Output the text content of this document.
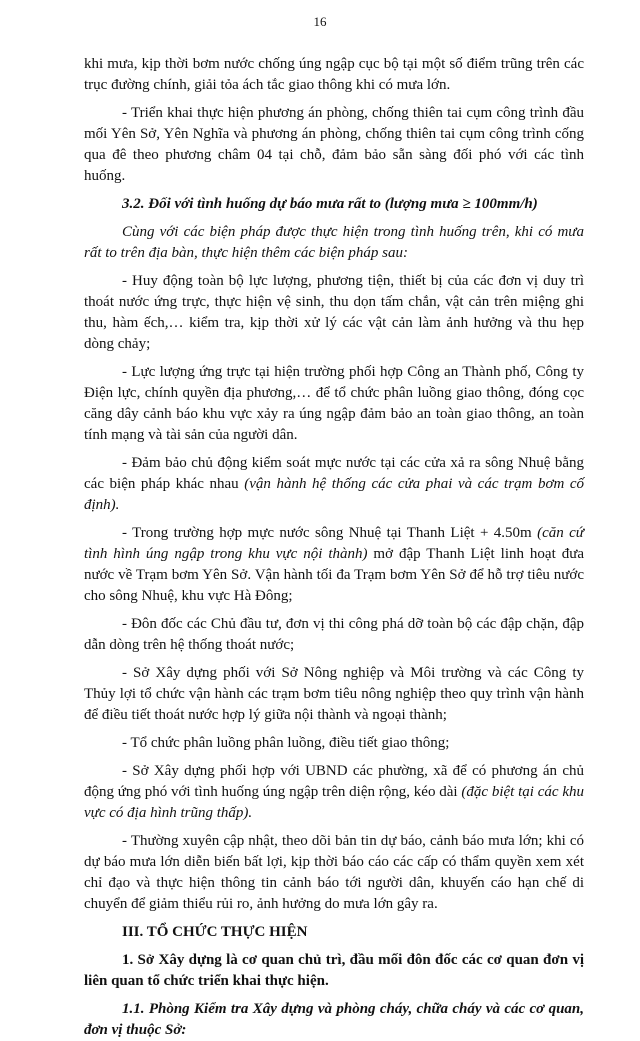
16

khi mưa, kịp thời bơm nước chống úng ngập cục bộ tại một số điểm trũng trên các trục đường chính, giải tỏa ách tắc giao thông khi có mưa lớn.

- Triển khai thực hiện phương án phòng, chống thiên tai cụm công trình đầu mối Yên Sở, Yên Nghĩa và phương án phòng, chống thiên tai cụm công trình cống qua đê theo phương châm 04 tại chỗ, đảm bảo sẵn sàng đối phó với các tình huống.

3.2. Đối với tình huống dự báo mưa rất to (lượng mưa ≥ 100mm/h)

Cùng với các biện pháp được thực hiện trong tình huống trên, khi có mưa rất to trên địa bàn, thực hiện thêm các biện pháp sau:

- Huy động toàn bộ lực lượng, phương tiện, thiết bị của các đơn vị duy trì thoát nước ứng trực, thực hiện vệ sinh, thu dọn tấm chắn, vật cản trên miệng ghi thu, hàm ếch,… kiểm tra, kịp thời xử lý các vật cản làm ảnh hưởng và thu hẹp dòng chảy;

- Lực lượng ứng trực tại hiện trường phối hợp Công an Thành phố, Công ty Điện lực, chính quyền địa phương,… để tổ chức phân luồng giao thông, đóng cọc căng dây cảnh báo khu vực xảy ra úng ngập đảm bảo an toàn giao thông, an toàn tính mạng và tài sản của người dân.

- Đảm bảo chủ động kiểm soát mực nước tại các cửa xả ra sông Nhuệ bằng các biện pháp khác nhau (vận hành hệ thống các cửa phai và các trạm bơm cố định).

- Trong trường hợp mực nước sông Nhuệ tại Thanh Liệt + 4.50m (căn cứ tình hình úng ngập trong khu vực nội thành) mở đập Thanh Liệt linh hoạt đưa nước về Trạm bơm Yên Sở. Vận hành tối đa Trạm bơm Yên Sở để hỗ trợ tiêu nước cho sông Nhuệ, khu vực Hà Đông;

- Đôn đốc các Chủ đầu tư, đơn vị thi công phá dỡ toàn bộ các đập chặn, đập dẫn dòng trên hệ thống thoát nước;

- Sở Xây dựng phối với Sở Nông nghiệp và Môi trường và các Công ty Thủy lợi tổ chức vận hành các trạm bơm tiêu nông nghiệp theo quy trình vận hành để điều tiết thoát nước hợp lý giữa nội thành và ngoại thành;

- Tổ chức phân luồng phân luồng, điều tiết giao thông;

- Sở Xây dựng phối hợp với UBND các phường, xã để có phương án chủ động ứng phó với tình huống úng ngập trên diện rộng, kéo dài (đặc biệt tại các khu vực có địa hình trũng thấp).

- Thường xuyên cập nhật, theo dõi bản tin dự báo, cảnh báo mưa lớn; khi có dự báo mưa lớn diễn biến bất lợi, kịp thời báo cáo các cấp có thẩm quyền xem xét chỉ đạo và thực hiện thông tin cảnh báo tới người dân, khuyến cáo hạn chế di chuyển để giảm thiểu rủi ro, ảnh hưởng do mưa lớn gây ra.

III. TỔ CHỨC THỰC HIỆN

1. Sở Xây dựng là cơ quan chủ trì, đầu mối đôn đốc các cơ quan đơn vị liên quan tổ chức triển khai thực hiện.

1.1. Phòng Kiểm tra Xây dựng và phòng cháy, chữa cháy và các cơ quan, đơn vị thuộc Sở:
